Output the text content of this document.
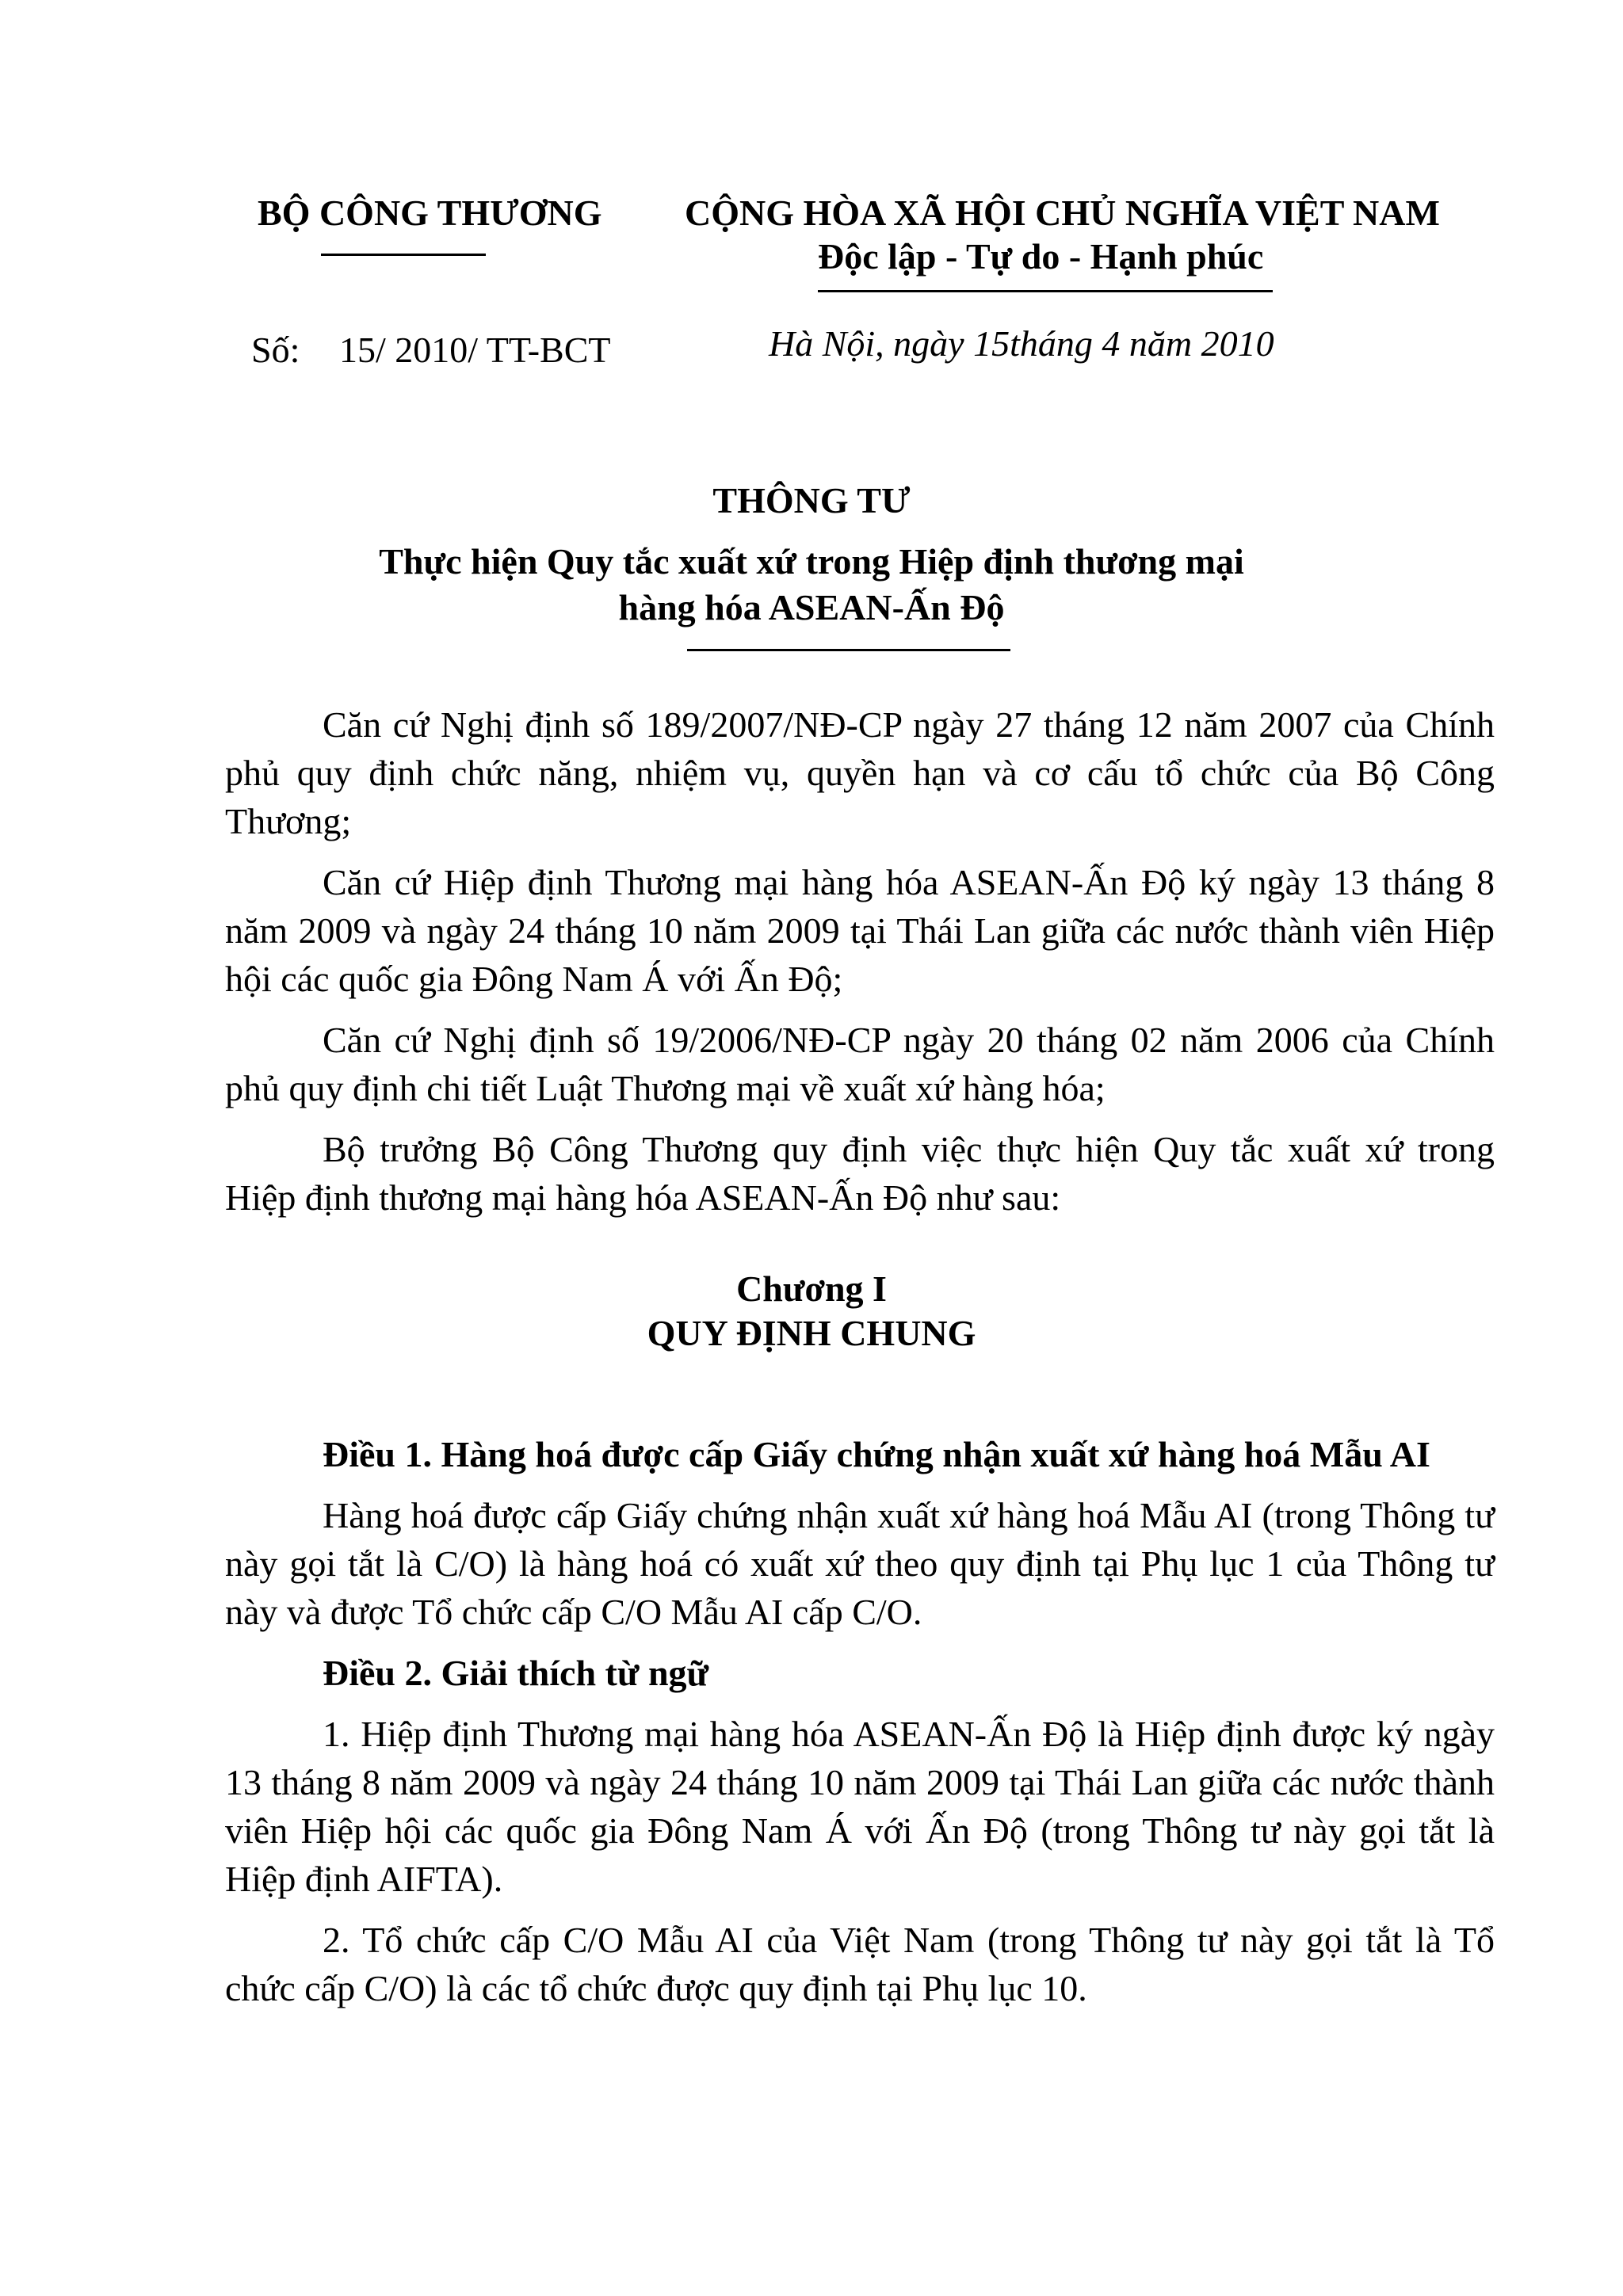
BỘ CÔNG THƯƠNG CỘNG HÒA XÃ HỘI CHỦ NGHĨA VIỆT NAM
Độc lập - Tự do - Hạnh phúc
Số: 15/ 2010/ TT-BCT	Hà Nội, ngày 15tháng 4 năm 2010
THÔNG TƯ
Thực hiện Quy tắc xuất xứ trong Hiệp định thương mại
hàng hóa ASEAN-Ấn Độ

Căn cứ Nghị định số 189/2007/NĐ-CP ngày 27 tháng 12 năm 2007 của Chính phủ quy định chức năng, nhiệm vụ, quyền hạn và cơ cấu tổ chức của Bộ Công Thương;

Căn cứ Hiệp định Thương mại hàng hóa ASEAN-Ấn Độ ký ngày 13 tháng 8 năm 2009 và ngày 24 tháng 10 năm 2009 tại Thái Lan giữa các nước thành viên Hiệp hội các quốc gia Đông Nam Á với Ấn Độ;

Căn cứ Nghị định số 19/2006/NĐ-CP ngày 20 tháng 02 năm 2006 của Chính phủ quy định chi tiết Luật Thương mại về xuất xứ hàng hóa;

Bộ trưởng Bộ Công Thương quy định việc thực hiện Quy tắc xuất xứ trong Hiệp định thương mại hàng hóa ASEAN-Ấn Độ như sau:

Chương I
QUY ĐỊNH CHUNG

Điều 1. Hàng hoá được cấp Giấy chứng nhận xuất xứ hàng hoá Mẫu AI

Hàng hoá được cấp Giấy chứng nhận xuất xứ hàng hoá Mẫu AI (trong Thông tư này gọi tắt là C/O) là hàng hoá có xuất xứ theo quy định tại Phụ lục 1 của Thông tư này và được Tổ chức cấp C/O Mẫu AI cấp C/O.

Điều 2. Giải thích từ ngữ

1. Hiệp định Thương mại hàng hóa ASEAN-Ấn Độ là Hiệp định được ký ngày 13 tháng 8 năm 2009 và ngày 24 tháng 10 năm 2009 tại Thái Lan giữa các nước thành viên Hiệp hội các quốc gia Đông Nam Á với Ấn Độ (trong Thông tư này gọi tắt là Hiệp định AIFTA).

2. Tổ chức cấp C/O Mẫu AI của Việt Nam (trong Thông tư này gọi tắt là Tổ chức cấp C/O) là các tổ chức được quy định tại Phụ lục 10.
